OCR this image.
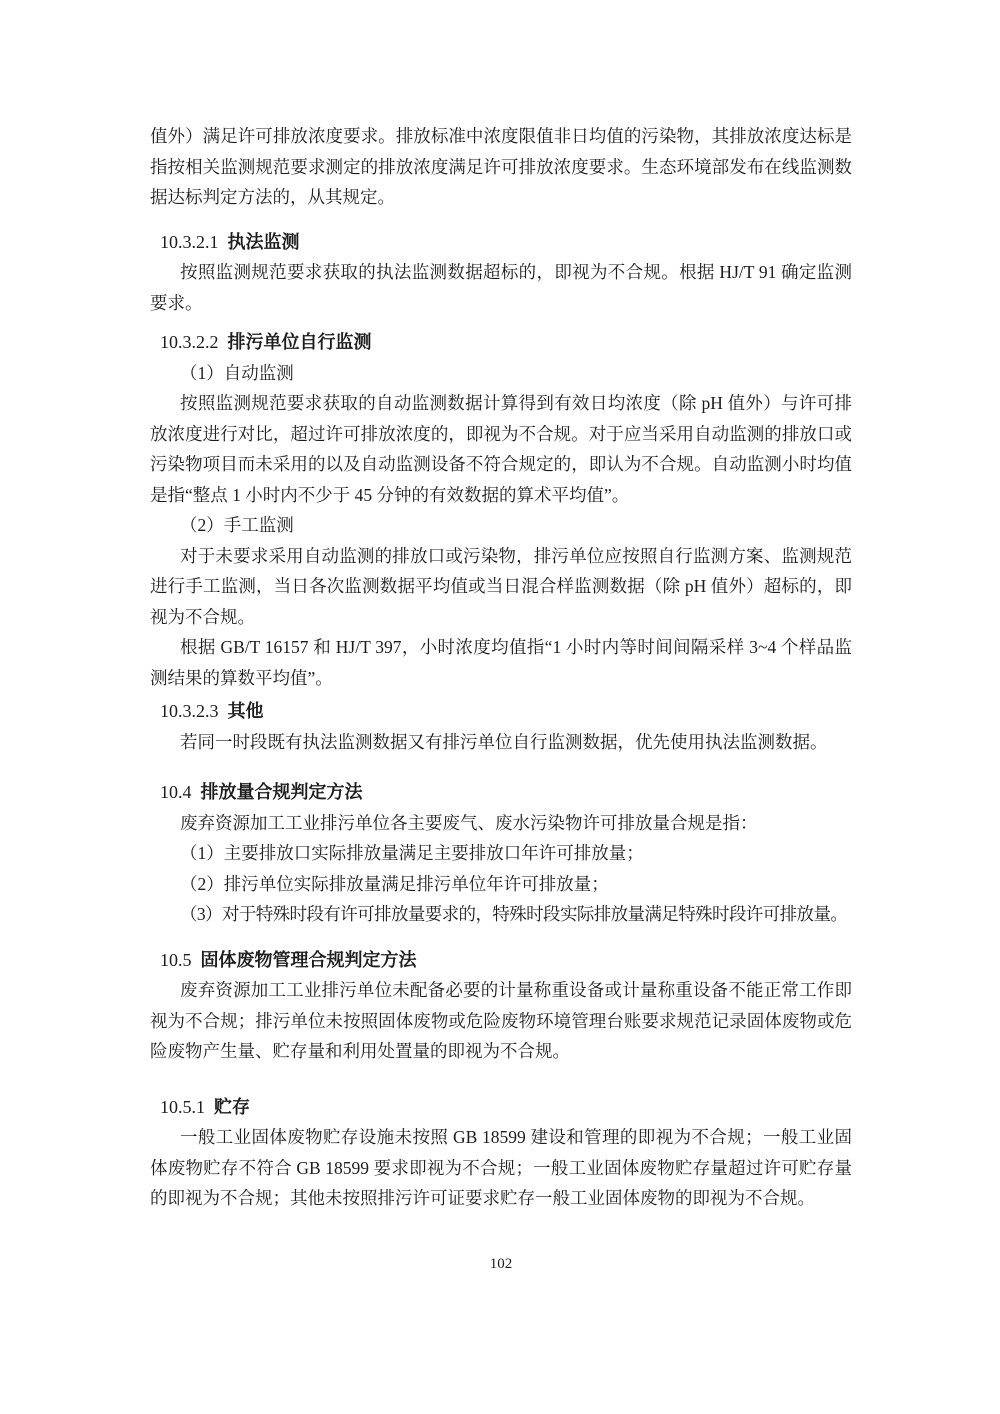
值外）满足许可排放浓度要求。排放标准中浓度限值非日均值的污染物，其排放浓度达标是指按相关监测规范要求测定的排放浓度满足许可排放浓度要求。生态环境部发布在线监测数据达标判定方法的，从其规定。

10.3.2.1 执法监测

按照监测规范要求获取的执法监测数据超标的，即视为不合规。根据 HJ/T 91 确定监测要求。

10.3.2.2 排污单位自行监测

（1）自动监测

按照监测规范要求获取的自动监测数据计算得到有效日均浓度（除 pH 值外）与许可排放浓度进行对比，超过许可排放浓度的，即视为不合规。对于应当采用自动监测的排放口或污染物项目而未采用的以及自动监测设备不符合规定的，即认为不合规。自动监测小时均值是指“整点 1 小时内不少于 45 分钟的有效数据的算术平均值”。

（2）手工监测

对于未要求采用自动监测的排放口或污染物，排污单位应按照自行监测方案、监测规范进行手工监测，当日各次监测数据平均值或当日混合样监测数据（除 pH 值外）超标的，即视为不合规。

根据 GB/T 16157 和 HJ/T 397，小时浓度均值指“1 小时内等时间间隔采样 3~4 个样品监测结果的算数平均值”。

10.3.2.3 其他

若同一时段既有执法监测数据又有排污单位自行监测数据，优先使用执法监测数据。

10.4 排放量合规判定方法

废弃资源加工工业排污单位各主要废气、废水污染物许可排放量合规是指：

（1）主要排放口实际排放量满足主要排放口年许可排放量；

（2）排污单位实际排放量满足排污单位年许可排放量；

（3）对于特殊时段有许可排放量要求的，特殊时段实际排放量满足特殊时段许可排放量。

10.5 固体废物管理合规判定方法

废弃资源加工工业排污单位未配备必要的计量称重设备或计量称重设备不能正常工作即视为不合规；排污单位未按照固体废物或危险废物环境管理台账要求规范记录固体废物或危险废物产生量、贮存量和利用处置量的即视为不合规。

10.5.1 贮存

一般工业固体废物贮存设施未按照 GB 18599 建设和管理的即视为不合规；一般工业固体废物贮存不符合 GB 18599 要求即视为不合规；一般工业固体废物贮存量超过许可贮存量的即视为不合规；其他未按照排污许可证要求贮存一般工业固体废物的即视为不合规。

102
